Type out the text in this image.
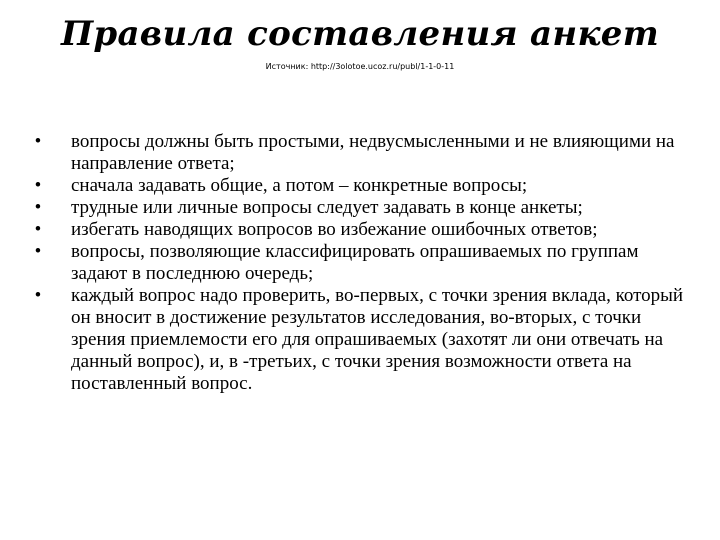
Правила составления анкет
Источник: http://3olotoe.ucoz.ru/publ/1-1-0-11
• вопросы должны быть простыми, недвусмысленными и не влияющими на направление ответа;
• сначала задавать общие, а потом – конкретные вопросы;
• трудные или личные вопросы следует задавать в конце анкеты;
• избегать наводящих вопросов во избежание ошибочных ответов;
• вопросы, позволяющие классифицировать опрашиваемых по группам задают в последнюю очередь;
• каждый вопрос надо проверить, во-первых, с точки зрения вклада, который он вносит в достижение результатов исследования, во-вторых, с точки зрения приемлемости его для опрашиваемых (захотят ли они отвечать на данный вопрос), и, в -третьих, с точки зрения возможности ответа на поставленный вопрос.
